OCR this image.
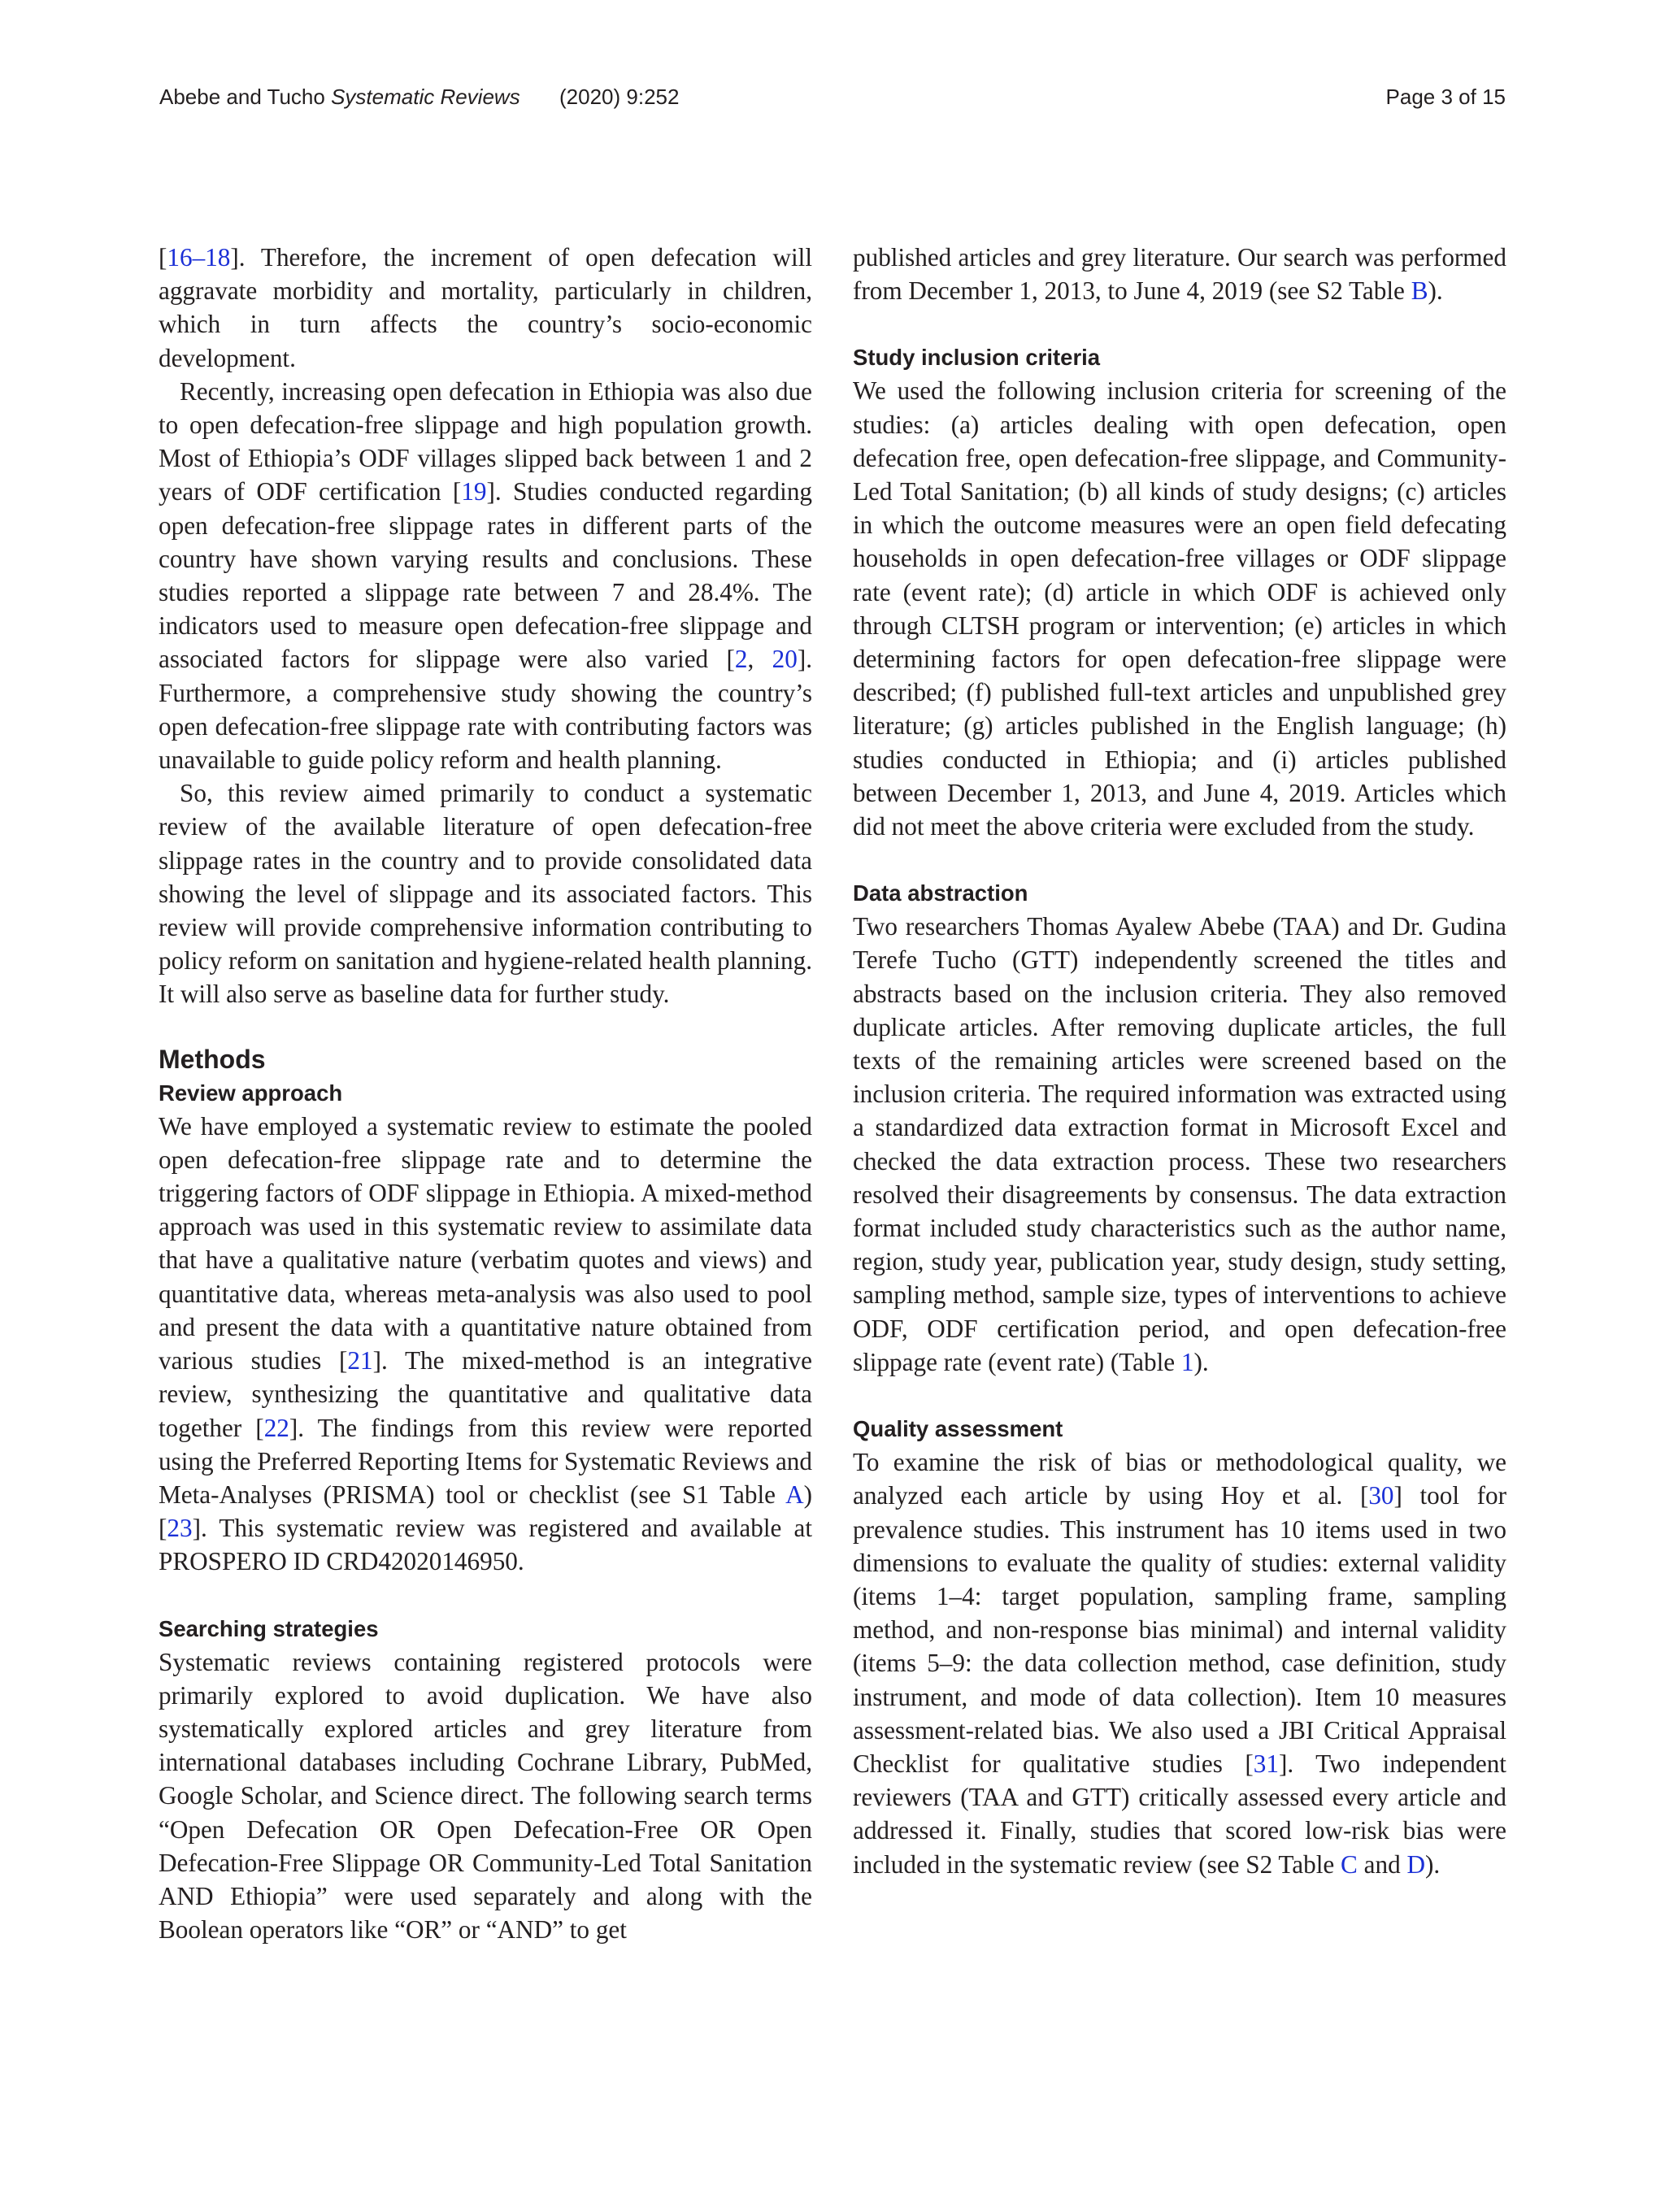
Abebe and Tucho Systematic Reviews (2020) 9:252	Page 3 of 15

[16–18]. Therefore, the increment of open defecation will aggravate morbidity and mortality, particularly in children, which in turn affects the country’s socio-economic development.

Recently, increasing open defecation in Ethiopia was also due to open defecation-free slippage and high population growth. Most of Ethiopia’s ODF villages slipped back between 1 and 2 years of ODF certification [19]. Studies conducted regarding open defecation-free slippage rates in different parts of the country have shown varying results and conclusions. These studies reported a slippage rate between 7 and 28.4%. The indicators used to measure open defecation-free slippage and associated factors for slippage were also varied [2, 20]. Furthermore, a comprehensive study showing the country’s open defecation-free slippage rate with contributing factors was unavailable to guide policy reform and health planning.

So, this review aimed primarily to conduct a systematic review of the available literature of open defecation-free slippage rates in the country and to provide consolidated data showing the level of slippage and its associated factors. This review will provide comprehensive information contributing to policy reform on sanitation and hygiene-related health planning. It will also serve as baseline data for further study.

Methods
Review approach

We have employed a systematic review to estimate the pooled open defecation-free slippage rate and to determine the triggering factors of ODF slippage in Ethiopia. A mixed-method approach was used in this systematic review to assimilate data that have a qualitative nature (verbatim quotes and views) and quantitative data, whereas meta-analysis was also used to pool and present the data with a quantitative nature obtained from various studies [21]. The mixed-method is an integrative review, synthesizing the quantitative and qualitative data together [22]. The findings from this review were reported using the Preferred Reporting Items for Systematic Reviews and Meta-Analyses (PRISMA) tool or checklist (see S1 Table A) [23]. This systematic review was registered and available at PROSPERO ID CRD42020146950.

Searching strategies

Systematic reviews containing registered protocols were primarily explored to avoid duplication. We have also systematically explored articles and grey literature from international databases including Cochrane Library, PubMed, Google Scholar, and Science direct. The following search terms “Open Defecation OR Open Defecation-Free OR Open Defecation-Free Slippage OR Community-Led Total Sanitation AND Ethiopia” were used separately and along with the Boolean operators like “OR” or “AND” to get

published articles and grey literature. Our search was performed from December 1, 2013, to June 4, 2019 (see S2 Table B).

Study inclusion criteria

We used the following inclusion criteria for screening of the studies: (a) articles dealing with open defecation, open defecation free, open defecation-free slippage, and Community-Led Total Sanitation; (b) all kinds of study designs; (c) articles in which the outcome measures were an open field defecating households in open defecation-free villages or ODF slippage rate (event rate); (d) article in which ODF is achieved only through CLTSH program or intervention; (e) articles in which determining factors for open defecation-free slippage were described; (f) published full-text articles and unpublished grey literature; (g) articles published in the English language; (h) studies conducted in Ethiopia; and (i) articles published between December 1, 2013, and June 4, 2019. Articles which did not meet the above criteria were excluded from the study.

Data abstraction

Two researchers Thomas Ayalew Abebe (TAA) and Dr. Gudina Terefe Tucho (GTT) independently screened the titles and abstracts based on the inclusion criteria. They also removed duplicate articles. After removing duplicate articles, the full texts of the remaining articles were screened based on the inclusion criteria. The required information was extracted using a standardized data extraction format in Microsoft Excel and checked the data extraction process. These two researchers resolved their disagreements by consensus. The data extraction format included study characteristics such as the author name, region, study year, publication year, study design, study setting, sampling method, sample size, types of interventions to achieve ODF, ODF certification period, and open defecation-free slippage rate (event rate) (Table 1).

Quality assessment

To examine the risk of bias or methodological quality, we analyzed each article by using Hoy et al. [30] tool for prevalence studies. This instrument has 10 items used in two dimensions to evaluate the quality of studies: external validity (items 1–4: target population, sampling frame, sampling method, and non-response bias minimal) and internal validity (items 5–9: the data collection method, case definition, study instrument, and mode of data collection). Item 10 measures assessment-related bias. We also used a JBI Critical Appraisal Checklist for qualitative studies [31]. Two independent reviewers (TAA and GTT) critically assessed every article and addressed it. Finally, studies that scored low-risk bias were included in the systematic review (see S2 Table C and D).
